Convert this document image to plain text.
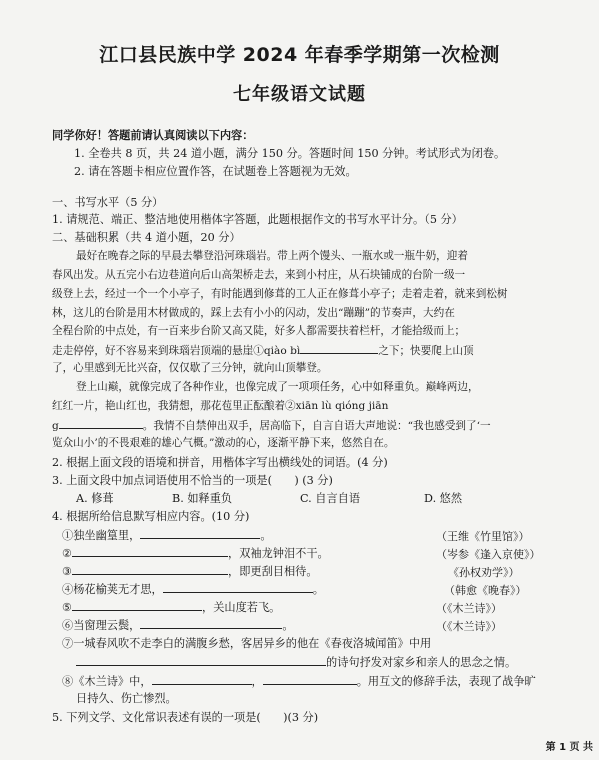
江口县民族中学 2024 年春季学期第一次检测
七年级语文试题
同学你好！答题前请认真阅读以下内容：
1. 全卷共 8 页，共 24 道小题，满分 150 分。答题时间 150 分钟。考试形式为闭卷。
2. 请在答题卡相应位置作答，在试题卷上答题视为无效。
一、书写水平（5 分）
1. 请规范、端正、整洁地使用楷体字答题，此题根据作文的书写水平计分。（5 分）
二、基础积累（共 4 道小题，20 分）
最好在晚春之际的早晨去攀登沿河珠瑙岩。带上两个馒头、一瓶水或一瓶牛奶，迎着
春风出发。从五完小右边巷道向后山高架桥走去，来到小村庄，从石块铺成的台阶一级一
级登上去，经过一个一个小亭子，有时能遇到修葺的工人正在修葺小亭子；走着走着，就来到松树
林，这儿的台阶是用木材做成的，踩上去有小小的闪动，发出“蹦蹦”的节奏声，大约在
全程台阶的中点处，有一百来步台阶又高又陡，好多人都需要扶着栏杆，才能拾级而上；
走走停停，好不容易来到珠瑙岩顶端的悬崖①qiào bì	之下；快要爬上山顶
了，心里感到无比兴奋，仅仅歇了三分钟，就向山顶攀登。
登上山巅，就像完成了各种作业，也像完成了一项项任务，心中如释重负。巅峰两边，
红红一片，艳山红也，我猜想，那花苞里正酝酿着②xiān lù qióng jiān
g	。我情不自禁伸出双手，居高临下，自言自语大声地说：“我也感受到了‘一
览众山小’的不畏艰难的雄心气概。”激动的心，逐渐平静下来，悠然自在。
2. 根据上面文段的语境和拼音，用楷体字写出横线处的词语。(4 分)
3. 上面文段中加点词语使用不恰当的一项是(　　) (3 分)
A. 修葺	B. 如释重负	C. 自言自语	D. 悠然
4. 根据所给信息默写相应内容。(10 分)
①独坐幽篁里，	。	（王维《竹里馆》）
②	，双袖龙钟泪不干。	（岑参《逢入京使》）
③	，即更刮目相待。	《孙权劝学》）
④杨花榆荚无才思，	。	（韩愈《晚春》）
⑤	，关山度若飞。	（《木兰诗》）
⑥当窗理云鬓，	。	（《木兰诗》）
⑦一城春风吹不走李白的满腹乡愁，客居异乡的他在《春夜洛城闻笛》中用
的诗句抒发对家乡和亲人的思念之情。
⑧《木兰诗》中，	，	。用互文的修辞手法，表现了战争旷
日持久、伤亡惨烈。
5. 下列文学、文化常识表述有误的一项是(　　)(3 分)
第 1 页 共
